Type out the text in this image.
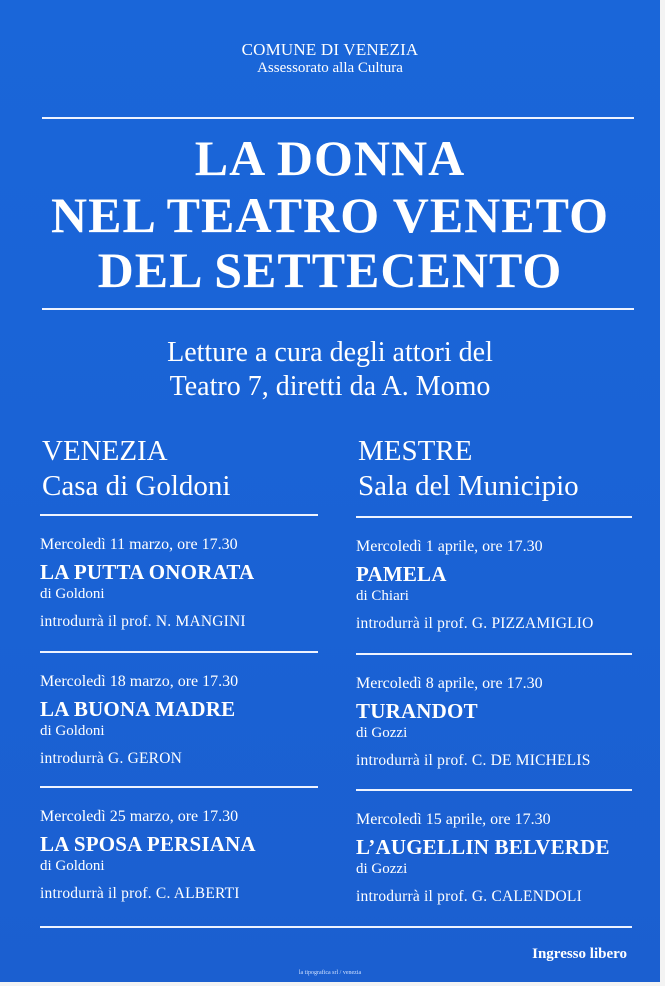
COMUNE DI VENEZIA
Assessorato alla Cultura
LA DONNA
NEL TEATRO VENETO
DEL SETTECENTO
Letture a cura degli attori del
Teatro 7, diretti da A. Momo
VENEZIA
Casa di Goldoni
Mercoledì 11 marzo, ore 17.30
LA PUTTA ONORATA
di Goldoni
introdurrà il prof. N. MANGINI
Mercoledì 18 marzo, ore 17.30
LA BUONA MADRE
di Goldoni
introdurrà G. GERON
Mercoledì 25 marzo, ore 17.30
LA SPOSA PERSIANA
di Goldoni
introdurrà il prof. C. ALBERTI
MESTRE
Sala del Municipio
Mercoledì 1 aprile, ore 17.30
PAMELA
di Chiari
introdurrà il prof. G. PIZZAMIGLIO
Mercoledì 8 aprile, ore 17.30
TURANDOT
di Gozzi
introdurrà il prof. C. DE MICHELIS
Mercoledì 15 aprile, ore 17.30
L’AUGELLIN BELVERDE
di Gozzi
introdurrà il prof. G. CALENDOLI
Ingresso libero
la tipografica srl / venezia
